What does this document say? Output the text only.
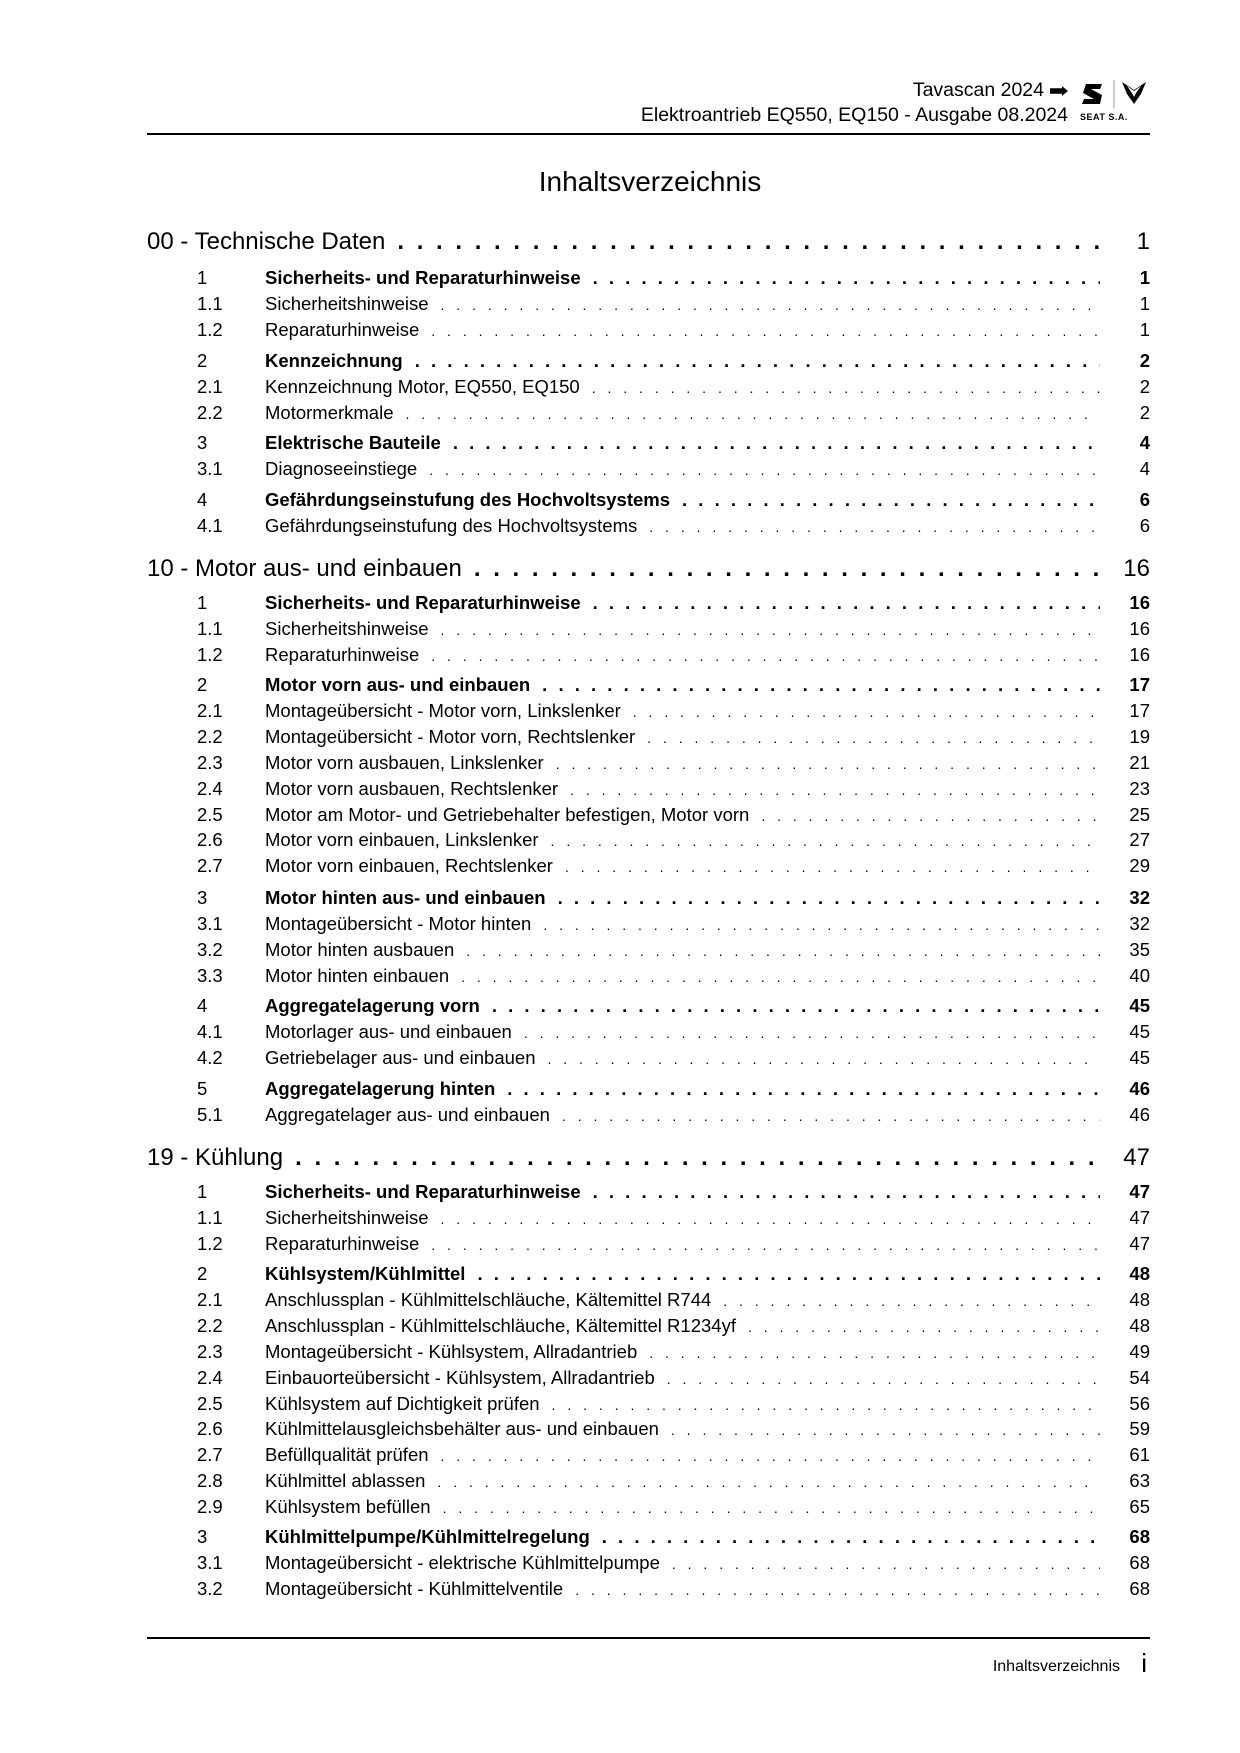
Tavascan 2024
Elektroantrieb EQ550, EQ150 - Ausgabe 08.2024 SEAT S.A.
Inhaltsverzeichnis
00 - Technische Daten . . .	1
1	Sicherheits- und Reparaturhinweise . . .	1
1.1	Sicherheitshinweise . . .	1
1.2	Reparaturhinweise . . .	1
2	Kennzeichnung . . .	2
2.1	Kennzeichnung Motor, EQ550, EQ150 . . .	2
2.2	Motormerkmale . . .	2
3	Elektrische Bauteile . . .	4
3.1	Diagnoseeinstiege . . .	4
4	Gefährdungseinstufung des Hochvoltsystems . . .	6
4.1	Gefährdungseinstufung des Hochvoltsystems . . .	6
10 - Motor aus- und einbauen . . .	16
1	Sicherheits- und Reparaturhinweise . . .	16
1.1	Sicherheitshinweise . . .	16
1.2	Reparaturhinweise . . .	16
2	Motor vorn aus- und einbauen . . .	17
2.1	Montageübersicht - Motor vorn, Linkslenker . . .	17
2.2	Montageübersicht - Motor vorn, Rechtslenker . . .	19
2.3	Motor vorn ausbauen, Linkslenker . . .	21
2.4	Motor vorn ausbauen, Rechtslenker . . .	23
2.5	Motor am Motor- und Getriebehalter befestigen, Motor vorn . . .	25
2.6	Motor vorn einbauen, Linkslenker . . .	27
2.7	Motor vorn einbauen, Rechtslenker . . .	29
3	Motor hinten aus- und einbauen . . .	32
3.1	Montageübersicht - Motor hinten . . .	32
3.2	Motor hinten ausbauen . . .	35
3.3	Motor hinten einbauen . . .	40
4	Aggregatelagerung vorn . . .	45
4.1	Motorlager aus- und einbauen . . .	45
4.2	Getriebelager aus- und einbauen . . .	45
5	Aggregatelagerung hinten . . .	46
5.1	Aggregatelager aus- und einbauen . . .	46
19 - Kühlung . . .	47
1	Sicherheits- und Reparaturhinweise . . .	47
1.1	Sicherheitshinweise . . .	47
1.2	Reparaturhinweise . . .	47
2	Kühlsystem/Kühlmittel . . .	48
2.1	Anschlussplan - Kühlmittelschläuche, Kältemittel R744 . . .	48
2.2	Anschlussplan - Kühlmittelschläuche, Kältemittel R1234yf . . .	48
2.3	Montageübersicht - Kühlsystem, Allradantrieb . . .	49
2.4	Einbauorteübersicht - Kühlsystem, Allradantrieb . . .	54
2.5	Kühlsystem auf Dichtigkeit prüfen . . .	56
2.6	Kühlmittelausgleichsbehälter aus- und einbauen . . .	59
2.7	Befüllqualität prüfen . . .	61
2.8	Kühlmittel ablassen . . .	63
2.9	Kühlsystem befüllen . . .	65
3	Kühlmittelpumpe/Kühlmittelregelung . . .	68
3.1	Montageübersicht - elektrische Kühlmittelpumpe . . .	68
3.2	Montageübersicht - Kühlmittelventile . . .	68
Inhaltsverzeichnis i
